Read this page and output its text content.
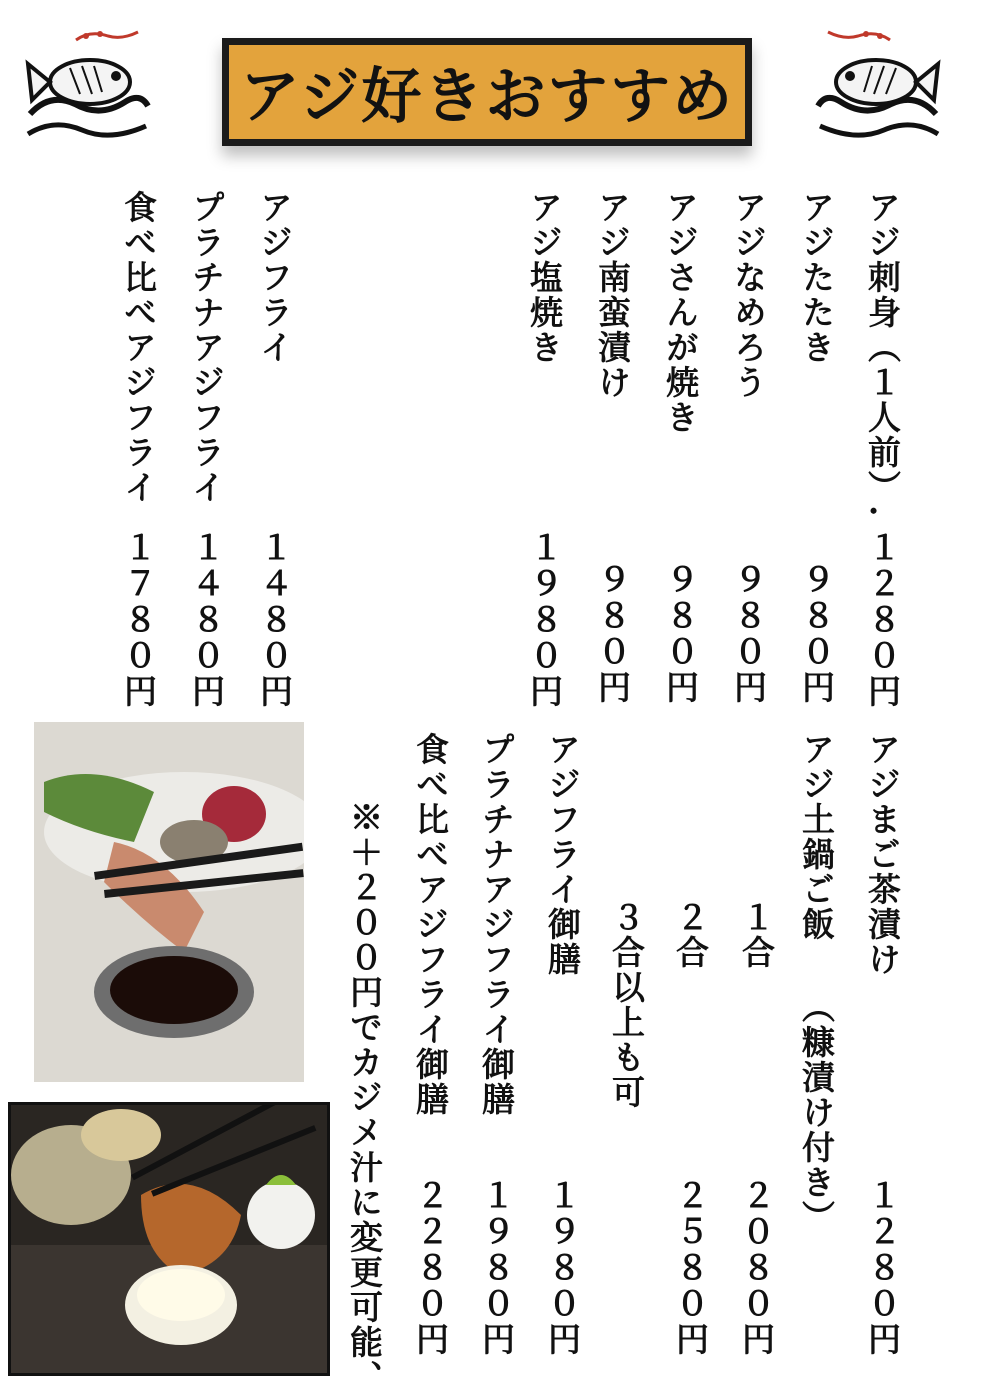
アジ好きおすすめ
アジ刺身（１人前）.
アジたたき
アジなめろう
アジさんが焼き
アジ南蛮漬け
アジ塩焼き
アジフライ
プラチナアジフライ
食べ比べアジフライ
１２８０円
９８０円
９８０円
９８０円
９８０円
１９８０円
１４８０円
１４８０円
１７８０円
アジまご茶漬け
１２８０円
アジ土鍋ご飯
（糠漬け付き）
１合
２０８０円
２合
２５８０円
３合以上も可
アジフライ御膳
１９８０円
プラチナアジフライ御膳
１９８０円
食べ比べアジフライ御膳
２２８０円
※＋２００円でカジメ汁に変更可能、
